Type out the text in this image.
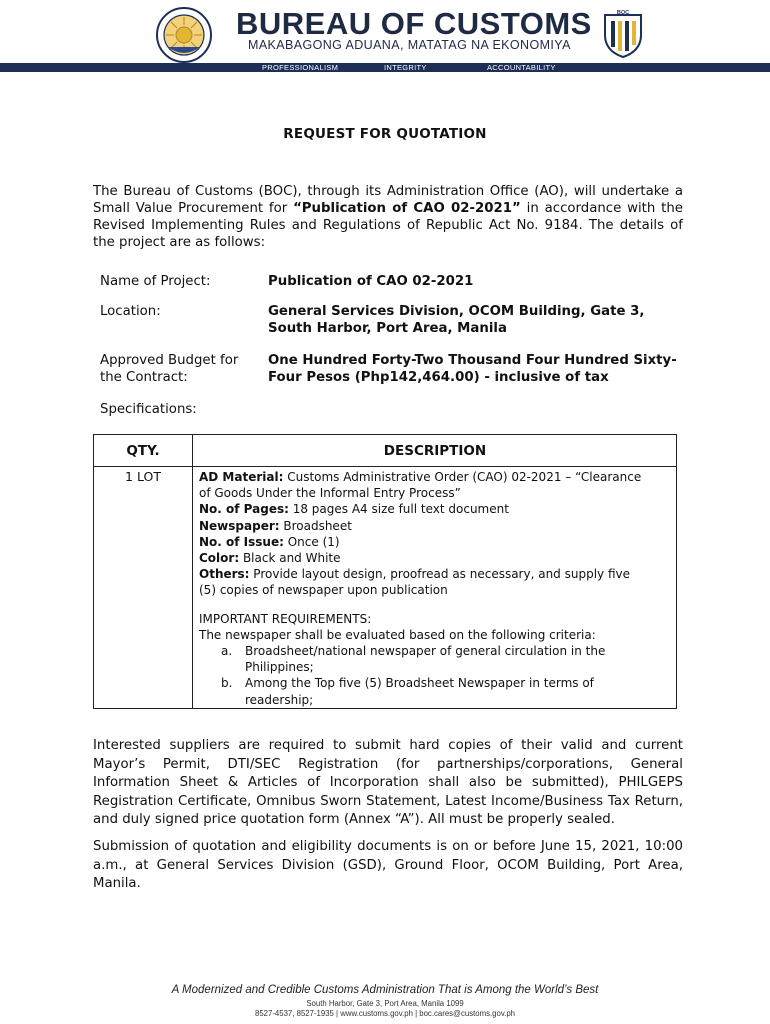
BUREAU OF CUSTOMS
MAKABAGONG ADUANA, MATATAG NA EKONOMIYA
BOC
PROFESSIONALISM	INTEGRITY	ACCOUNTABILITY
REQUEST FOR QUOTATION
The Bureau of Customs (BOC), through its Administration Office (AO), will undertake a Small Value Procurement for “Publication of CAO 02-2021” in accordance with the Revised Implementing Rules and Regulations of Republic Act No. 9184. The details of the project are as follows:
Name of Project:	Publication of CAO 02-2021
Location:	General Services Division, OCOM Building, Gate 3,
South Harbor, Port Area, Manila
Approved Budget for
the Contract:
One Hundred Forty-Two Thousand Four Hundred Sixty-
Four Pesos (Php142,464.00) - inclusive of tax
Specifications:
QTY.	DESCRIPTION
1 LOT	AD Material: Customs Administrative Order (CAO) 02-2021 – “Clearance
of Goods Under the Informal Entry Process”
No. of Pages: 18 pages A4 size full text document
Newspaper: Broadsheet
No. of Issue: Once (1)
Color: Black and White
Others: Provide layout design, proofread as necessary, and supply five
(5) copies of newspaper upon publication
IMPORTANT REQUIREMENTS:
The newspaper shall be evaluated based on the following criteria:
a. Broadsheet/national newspaper of general circulation in the
Philippines;
b. Among the Top five (5) Broadsheet Newspaper in terms of
readership;
Interested suppliers are required to submit hard copies of their valid and current Mayor’s Permit, DTI/SEC Registration (for partnerships/corporations, General Information Sheet & Articles of Incorporation shall also be submitted), PHILGEPS Registration Certificate, Omnibus Sworn Statement, Latest Income/Business Tax Return, and duly signed price quotation form (Annex “A”). All must be properly sealed.
Submission of quotation and eligibility documents is on or before June 15, 2021, 10:00 a.m., at General Services Division (GSD), Ground Floor, OCOM Building, Port Area, Manila.
A Modernized and Credible Customs Administration That is Among the World’s Best
South Harbor, Gate 3, Port Area, Manila 1099
8527-4537, 8527-1935 | www.customs.gov.ph | boc.cares@customs.gov.ph
